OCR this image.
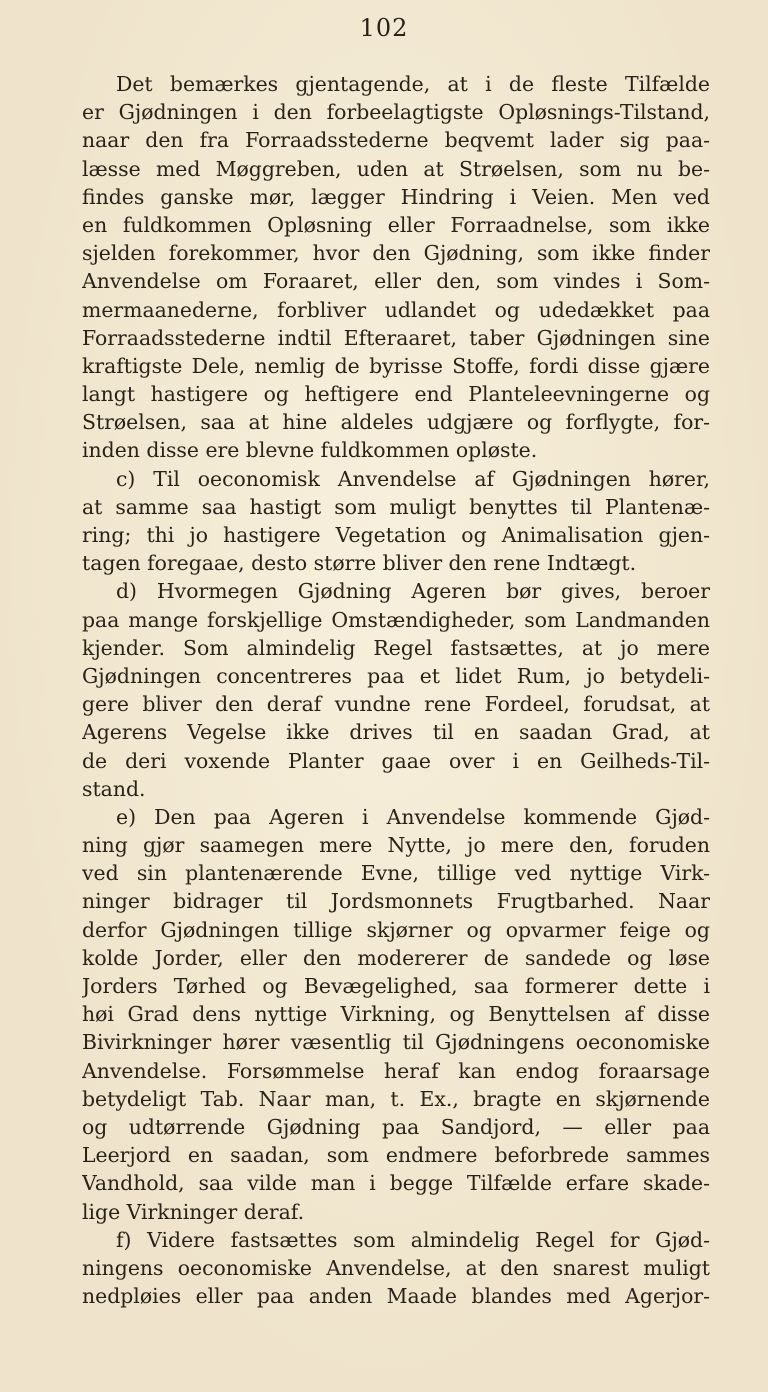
102
Det bemærkes gjentagende, at i de fleste Tilfælde
er Gjødningen i den forbeelagtigste Opløsnings-Tilstand,
naar den fra Forraadsstederne beqvemt lader sig paa-
læsse med Møggreben, uden at Strøelsen, som nu be-
findes ganske mør, lægger Hindring i Veien. Men ved
en fuldkommen Opløsning eller Forraadnelse, som ikke
sjelden forekommer, hvor den Gjødning, som ikke finder
Anvendelse om Foraaret, eller den, som vindes i Som-
mermaanederne, forbliver udlandet og udedækket paa
Forraadsstederne indtil Efteraaret, taber Gjødningen sine
kraftigste Dele, nemlig de byrisse Stoffe, fordi disse gjære
langt hastigere og heftigere end Planteleevningerne og
Strøelsen, saa at hine aldeles udgjære og forflygte, for-
inden disse ere blevne fuldkommen opløste.
c) Til oeconomisk Anvendelse af Gjødningen hører,
at samme saa hastigt som muligt benyttes til Plantenæ-
ring; thi jo hastigere Vegetation og Animalisation gjen-
tagen foregaae, desto større bliver den rene Indtægt.
d) Hvormegen Gjødning Ageren bør gives, beroer
paa mange forskjellige Omstændigheder, som Landmanden
kjender. Som almindelig Regel fastsættes, at jo mere
Gjødningen concentreres paa et lidet Rum, jo betydeli-
gere bliver den deraf vundne rene Fordeel, forudsat, at
Agerens Vegelse ikke drives til en saadan Grad, at
de deri voxende Planter gaae over i en Geilheds-Til-
stand.
e) Den paa Ageren i Anvendelse kommende Gjød-
ning gjør saamegen mere Nytte, jo mere den, foruden
ved sin plantenærende Evne, tillige ved nyttige Virk-
ninger bidrager til Jordsmonnets Frugtbarhed. Naar
derfor Gjødningen tillige skjørner og opvarmer feige og
kolde Jorder, eller den modererer de sandede og løse
Jorders Tørhed og Bevægelighed, saa formerer dette i
høi Grad dens nyttige Virkning, og Benyttelsen af disse
Bivirkninger hører væsentlig til Gjødningens oeconomiske
Anvendelse. Forsømmelse heraf kan endog foraarsage
betydeligt Tab. Naar man, t. Ex., bragte en skjørnende
og udtørrende Gjødning paa Sandjord, — eller paa
Leerjord en saadan, som endmere beforbrede sammes
Vandhold, saa vilde man i begge Tilfælde erfare skade-
lige Virkninger deraf.
f) Videre fastsættes som almindelig Regel for Gjød-
ningens oeconomiske Anvendelse, at den snarest muligt
nedpløies eller paa anden Maade blandes med Agerjor-
